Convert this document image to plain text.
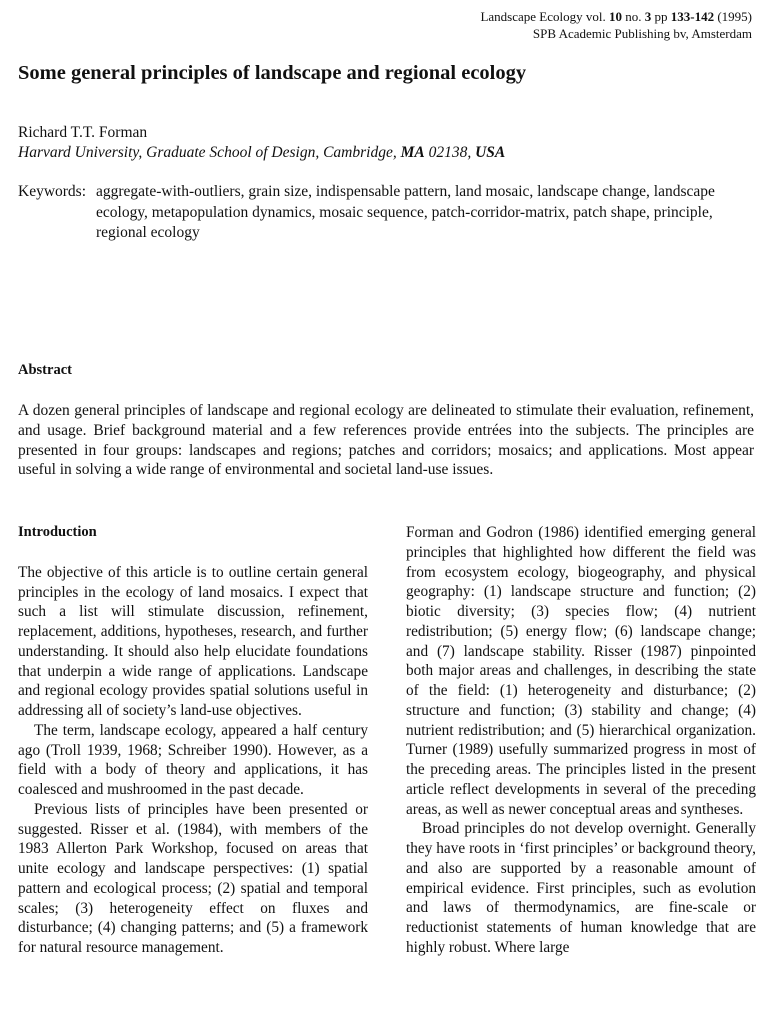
Landscape Ecology vol. 10 no. 3 pp 133-142 (1995)
SPB Academic Publishing bv, Amsterdam
Some general principles of landscape and regional ecology
Richard T.T. Forman
Harvard University, Graduate School of Design, Cambridge, MA 02138, USA
Keywords: aggregate-with-outliers, grain size, indispensable pattern, land mosaic, landscape change, landscape ecology, metapopulation dynamics, mosaic sequence, patch-corridor-matrix, patch shape, principle, regional ecology
Abstract

A dozen general principles of landscape and regional ecology are delineated to stimulate their evaluation, refinement, and usage. Brief background material and a few references provide entrées into the subjects. The principles are presented in four groups: landscapes and regions; patches and corridors; mosaics; and applications. Most appear useful in solving a wide range of environmental and societal land-use issues.

Introduction

The objective of this article is to outline certain general principles in the ecology of land mosaics. I expect that such a list will stimulate discussion, refinement, replacement, additions, hypotheses, research, and further understanding. It should also help elucidate foundations that underpin a wide range of applications. Landscape and regional ecology provides spatial solutions useful in addressing all of society’s land-use objectives.

The term, landscape ecology, appeared a half century ago (Troll 1939, 1968; Schreiber 1990). However, as a field with a body of theory and applications, it has coalesced and mushroomed in the past decade.

Previous lists of principles have been presented or suggested. Risser et al. (1984), with members of the 1983 Allerton Park Workshop, focused on areas that unite ecology and landscape perspectives: (1) spatial pattern and ecological process; (2) spatial and temporal scales; (3) heterogeneity effect on fluxes and disturbance; (4) changing patterns; and (5) a framework for natural resource management.

Forman and Godron (1986) identified emerging general principles that highlighted how different the field was from ecosystem ecology, biogeography, and physical geography: (1) landscape structure and function; (2) biotic diversity; (3) species flow; (4) nutrient redistribution; (5) energy flow; (6) landscape change; and (7) landscape stability. Risser (1987) pinpointed both major areas and challenges, in describing the state of the field: (1) heterogeneity and disturbance; (2) structure and function; (3) stability and change; (4) nutrient redistribution; and (5) hierarchical organization. Turner (1989) usefully summarized progress in most of the preceding areas. The principles listed in the present article reflect developments in several of the preceding areas, as well as newer conceptual areas and syntheses.

Broad principles do not develop overnight. Generally they have roots in ‘first principles’ or background theory, and also are supported by a reasonable amount of empirical evidence. First principles, such as evolution and laws of thermodynamics, are fine-scale or reductionist statements of human knowledge that are highly robust. Where large
